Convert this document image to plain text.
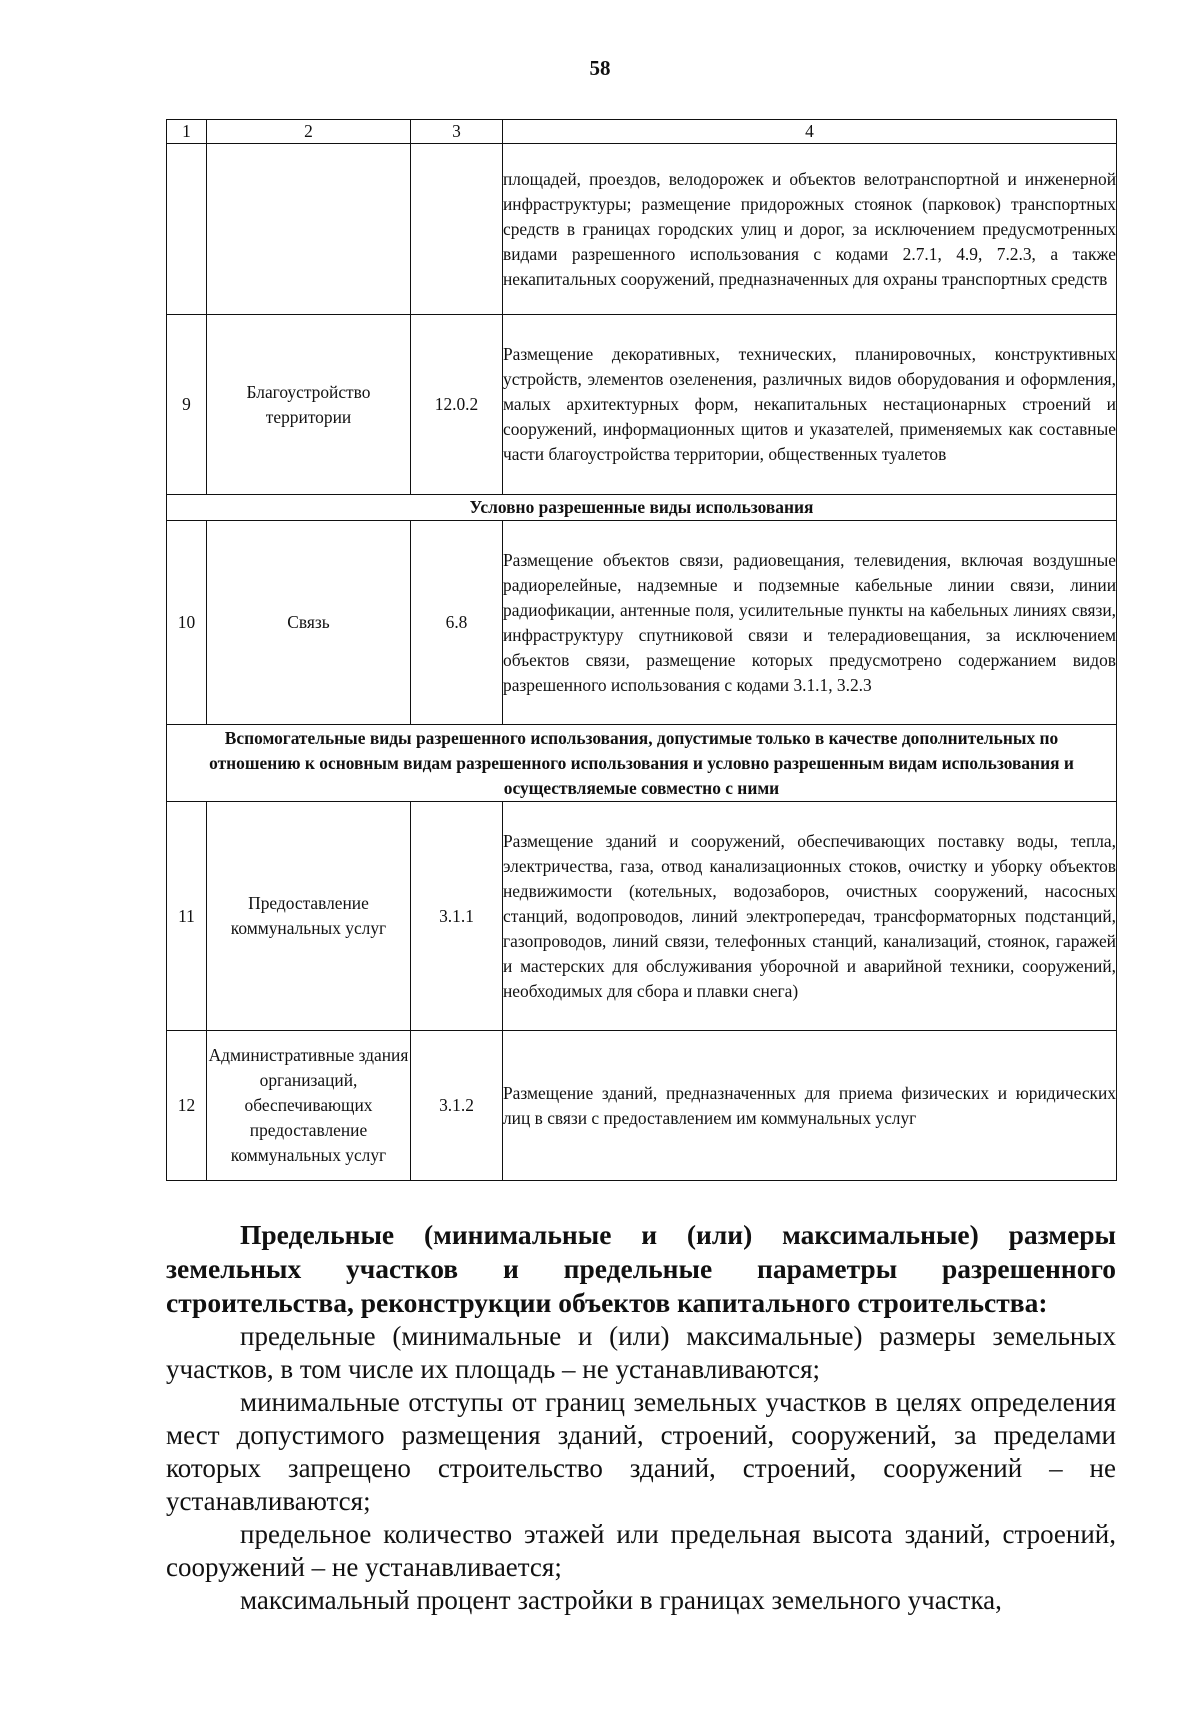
58
1	2	3	4
			площадей, проездов, велодорожек и объектов велотранспортной и инженерной инфраструктуры; размещение придорожных стоянок (парковок) транспортных средств в границах городских улиц и дорог, за исключением предусмотренных видами разрешенного использования с кодами 2.7.1, 4.9, 7.2.3, а также некапитальных сооружений, предназначенных для охраны транспортных средств
9	Благоустройство территории	12.0.2	Размещение декоративных, технических, планировочных, конструктивных устройств, элементов озеленения, различных видов оборудования и оформления, малых архитектурных форм, некапитальных нестационарных строений и сооружений, информационных щитов и указателей, применяемых как составные части благоустройства территории, общественных туалетов
Условно разрешенные виды использования			
10	Связь	6.8	Размещение объектов связи, радиовещания, телевидения, включая воздушные радиорелейные, надземные и подземные кабельные линии связи, линии радиофикации, антенные поля, усилительные пункты на кабельных линиях связи, инфраструктуру спутниковой связи и телерадиовещания, за исключением объектов связи, размещение которых предусмотрено содержанием видов разрешенного использования с кодами 3.1.1, 3.2.3
Вспомогательные виды разрешенного использования, допустимые только в качестве дополнительных по отношению к основным видам разрешенного использования и условно разрешенным видам использования и осуществляемые совместно с ними			
11	Предоставление коммунальных услуг	3.1.1	Размещение зданий и сооружений, обеспечивающих поставку воды, тепла, электричества, газа, отвод канализационных стоков, очистку и уборку объектов недвижимости (котельных, водозаборов, очистных сооружений, насосных станций, водопроводов, линий электропередач, трансформаторных подстанций, газопроводов, линий связи, телефонных станций, канализаций, стоянок, гаражей и мастерских для обслуживания уборочной и аварийной техники, сооружений, необходимых для сбора и плавки снега)
12	Административные здания организаций, обеспечивающих предоставление коммунальных услуг	3.1.2	Размещение зданий, предназначенных для приема физических и юридических лиц в связи с предоставлением им коммунальных услуг
Предельные (минимальные и (или) максимальные) размеры земельных участков и предельные параметры разрешенного строительства, реконструкции объектов капитального строительства:

предельные (минимальные и (или) максимальные) размеры земельных участков, в том числе их площадь – не устанавливаются;

минимальные отступы от границ земельных участков в целях определения мест допустимого размещения зданий, строений, сооружений, за пределами которых запрещено строительство зданий, строений, сооружений – не устанавливаются;

предельное количество этажей или предельная высота зданий, строений, сооружений – не устанавливается;

максимальный процент застройки в границах земельного участка,
